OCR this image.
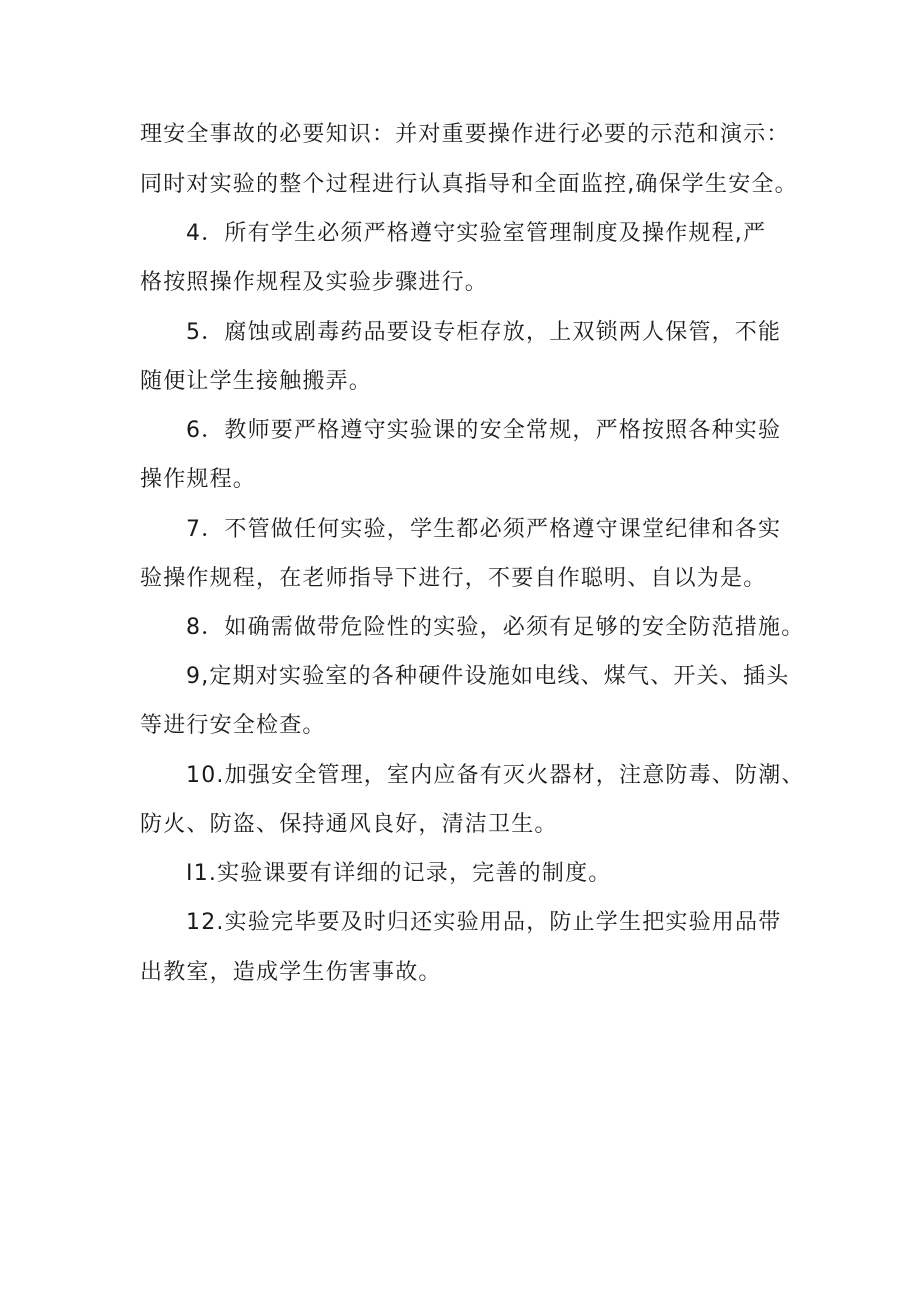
理安全事故的必要知识：并对重要操作进行必要的示范和演示：
同时对实验的整个过程进行认真指导和全面监控,确保学生安全。
4．所有学生必须严格遵守实验室管理制度及操作规程,严
格按照操作规程及实验步骤进行。
5．腐蚀或剧毒药品要设专柜存放，上双锁两人保管，不能
随便让学生接触搬弄。
6．教师要严格遵守实验课的安全常规，严格按照各种实验
操作规程。
7．不管做任何实验，学生都必须严格遵守课堂纪律和各实
验操作规程，在老师指导下进行，不要自作聪明、自以为是。
8．如确需做带危险性的实验，必须有足够的安全防范措施。
9,定期对实验室的各种硬件设施如电线、煤气、开关、插头
等进行安全检查。
10.加强安全管理，室内应备有灭火器材，注意防毒、防潮、
防火、防盗、保持通风良好，清洁卫生。
I1.实验课要有详细的记录，完善的制度。
12.实验完毕要及时归还实验用品，防止学生把实验用品带
出教室，造成学生伤害事故。
